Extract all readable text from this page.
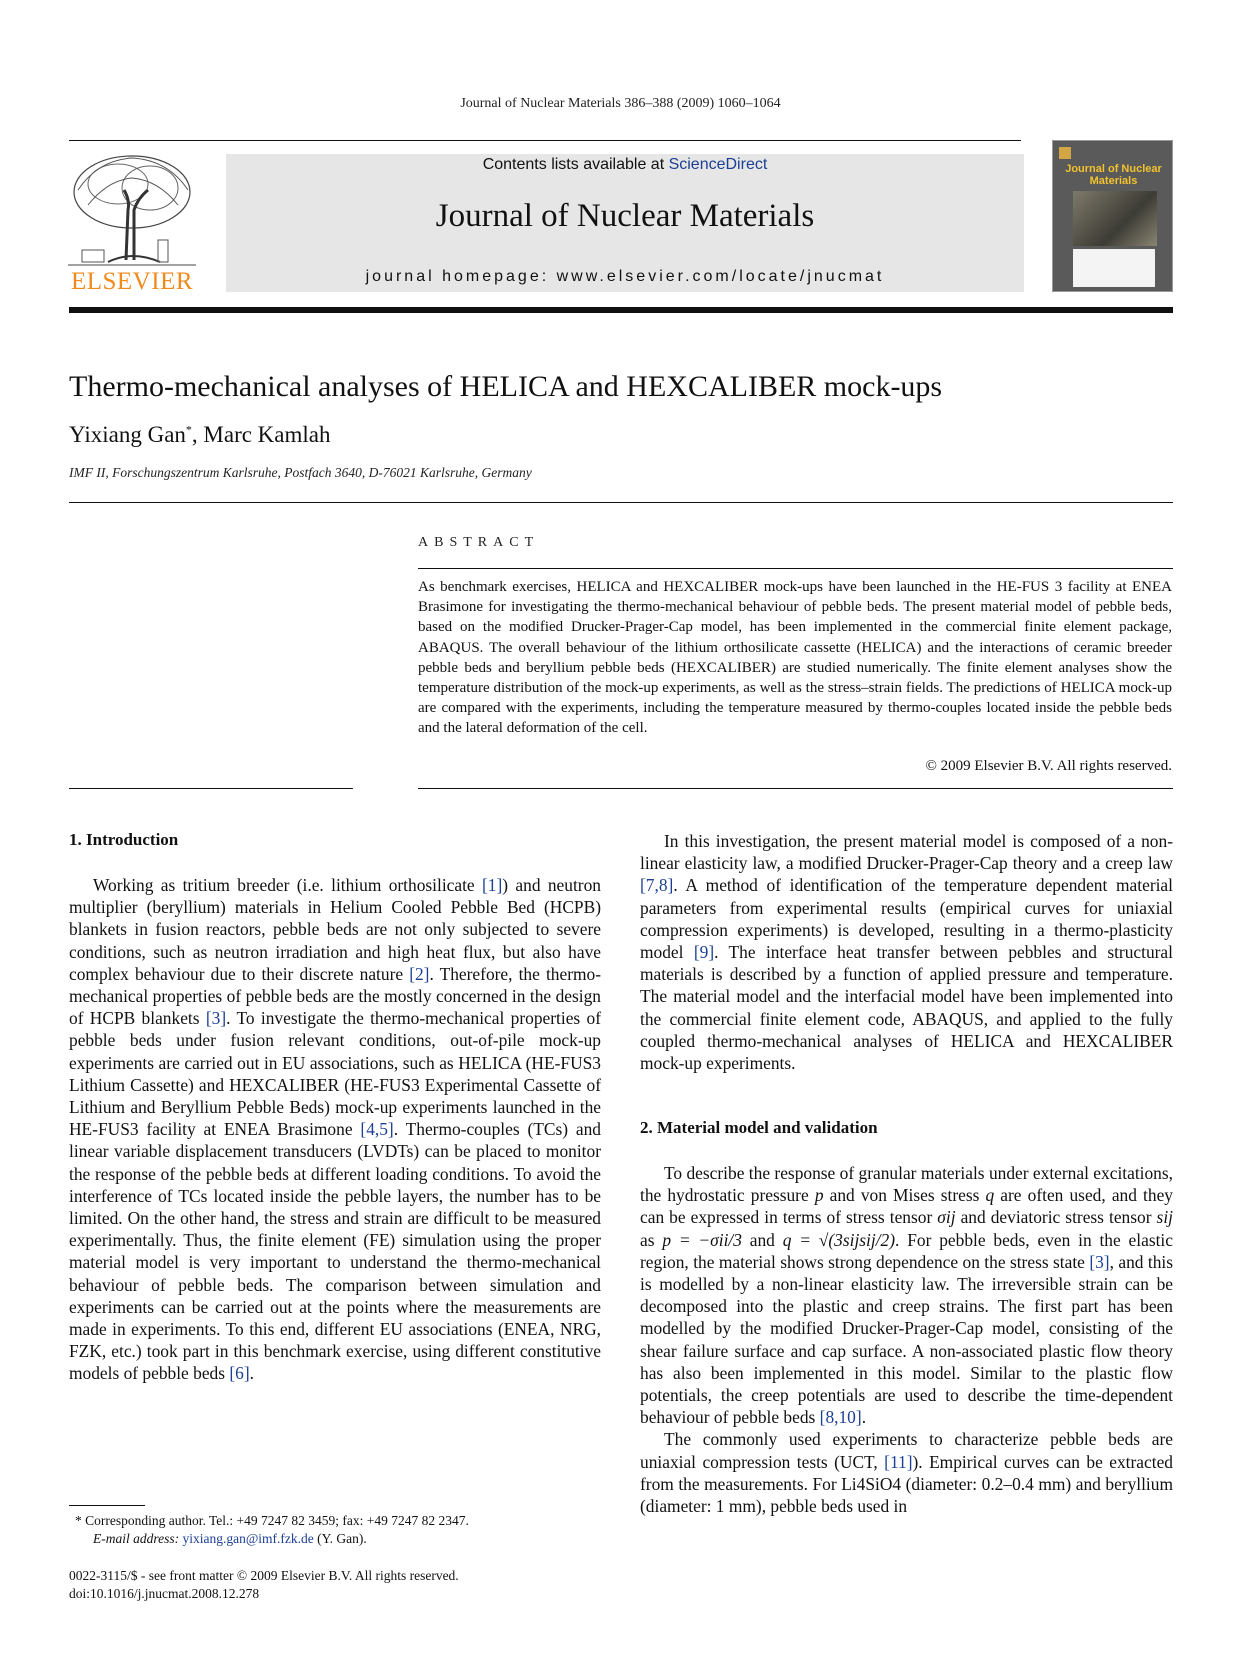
Journal of Nuclear Materials 386–388 (2009) 1060–1064
ELSEVIER
Contents lists available at ScienceDirect
Journal of Nuclear Materials
journal homepage: www.elsevier.com/locate/jnucmat
Journal of Nuclear Materials
Thermo-mechanical analyses of HELICA and HEXCALIBER mock-ups
Yixiang Gan*, Marc Kamlah
IMF II, Forschungszentrum Karlsruhe, Postfach 3640, D-76021 Karlsruhe, Germany
ABSTRACT
As benchmark exercises, HELICA and HEXCALIBER mock-ups have been launched in the HE-FUS 3 facility at ENEA Brasimone for investigating the thermo-mechanical behaviour of pebble beds. The present material model of pebble beds, based on the modified Drucker-Prager-Cap model, has been implemented in the commercial finite element package, ABAQUS. The overall behaviour of the lithium orthosilicate cassette (HELICA) and the interactions of ceramic breeder pebble beds and beryllium pebble beds (HEXCALIBER) are studied numerically. The finite element analyses show the temperature distribution of the mock-up experiments, as well as the stress–strain fields. The predictions of HELICA mock-up are compared with the experiments, including the temperature measured by thermo-couples located inside the pebble beds and the lateral deformation of the cell.
© 2009 Elsevier B.V. All rights reserved.
1. Introduction

Working as tritium breeder (i.e. lithium orthosilicate [1]) and neutron multiplier (beryllium) materials in Helium Cooled Pebble Bed (HCPB) blankets in fusion reactors, pebble beds are not only subjected to severe conditions, such as neutron irradiation and high heat flux, but also have complex behaviour due to their discrete nature [2]. Therefore, the thermo-mechanical properties of pebble beds are the mostly concerned in the design of HCPB blankets [3]. To investigate the thermo-mechanical properties of pebble beds under fusion relevant conditions, out-of-pile mock-up experiments are carried out in EU associations, such as HELICA (HE-FUS3 Lithium Cassette) and HEXCALIBER (HE-FUS3 Experimental Cassette of Lithium and Beryllium Pebble Beds) mock-up experiments launched in the HE-FUS3 facility at ENEA Brasimone [4,5]. Thermo-couples (TCs) and linear variable displacement transducers (LVDTs) can be placed to monitor the response of the pebble beds at different loading conditions. To avoid the interference of TCs located inside the pebble layers, the number has to be limited. On the other hand, the stress and strain are difficult to be measured experimentally. Thus, the finite element (FE) simulation using the proper material model is very important to understand the thermo-mechanical behaviour of pebble beds. The comparison between simulation and experiments can be carried out at the points where the measurements are made in experiments. To this end, different EU associations (ENEA, NRG, FZK, etc.) took part in this benchmark exercise, using different constitutive models of pebble beds [6].

In this investigation, the present material model is composed of a non-linear elasticity law, a modified Drucker-Prager-Cap theory and a creep law [7,8]. A method of identification of the temperature dependent material parameters from experimental results (empirical curves for uniaxial compression experiments) is developed, resulting in a thermo-plasticity model [9]. The interface heat transfer between pebbles and structural materials is described by a function of applied pressure and temperature. The material model and the interfacial model have been implemented into the commercial finite element code, ABAQUS, and applied to the fully coupled thermo-mechanical analyses of HELICA and HEXCALIBER mock-up experiments.

2. Material model and validation

To describe the response of granular materials under external excitations, the hydrostatic pressure p and von Mises stress q are often used, and they can be expressed in terms of stress tensor σij and deviatoric stress tensor sij as p = −σii/3 and q = √(3sijsij/2). For pebble beds, even in the elastic region, the material shows strong dependence on the stress state [3], and this is modelled by a non-linear elasticity law. The irreversible strain can be decomposed into the plastic and creep strains. The first part has been modelled by the modified Drucker-Prager-Cap model, consisting of the shear failure surface and cap surface. A non-associated plastic flow theory has also been implemented in this model. Similar to the plastic flow potentials, the creep potentials are used to describe the time-dependent behaviour of pebble beds [8,10].

The commonly used experiments to characterize pebble beds are uniaxial compression tests (UCT, [11]). Empirical curves can be extracted from the measurements. For Li4SiO4 (diameter: 0.2–0.4 mm) and beryllium (diameter: 1 mm), pebble beds used in

* Corresponding author. Tel.: +49 7247 82 3459; fax: +49 7247 82 2347.
E-mail address: yixiang.gan@imf.fzk.de (Y. Gan).
0022-3115/$ - see front matter © 2009 Elsevier B.V. All rights reserved.
doi:10.1016/j.jnucmat.2008.12.278
